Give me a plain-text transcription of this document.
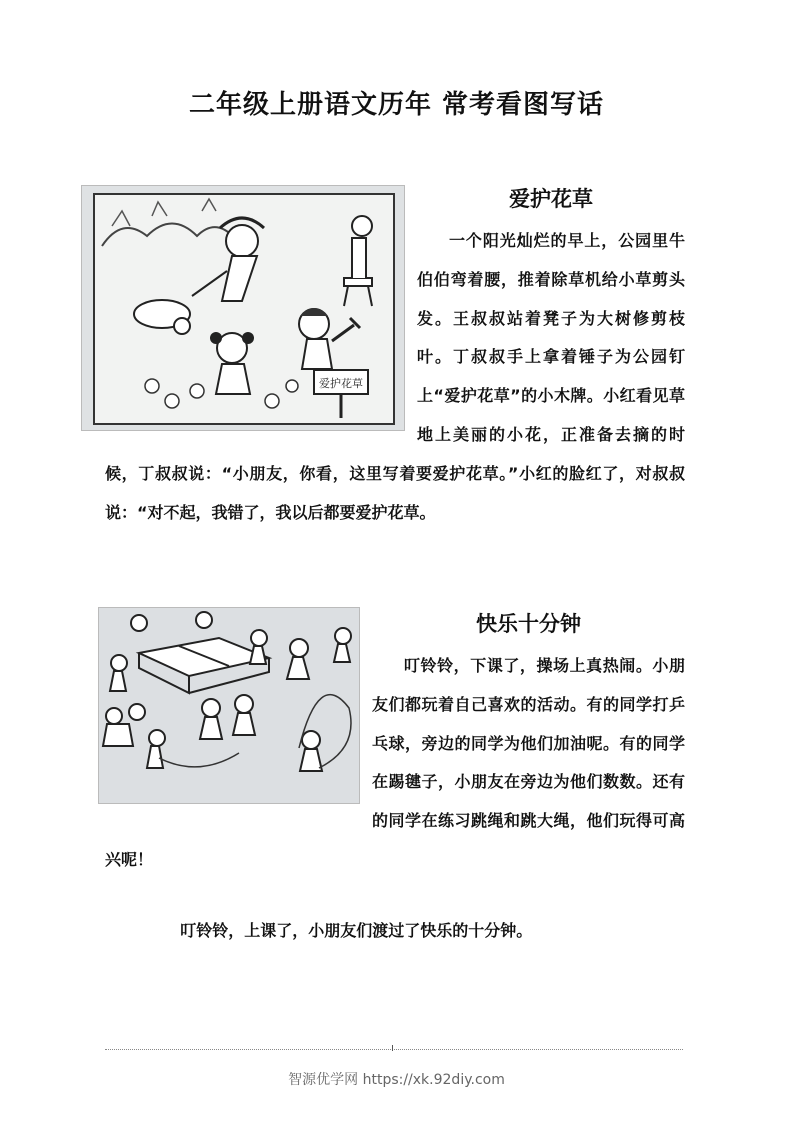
二年级上册语文历年 常考看图写话
爱护花草
爱护花草

一个阳光灿烂的早上，公园里牛伯伯弯着腰，推着除草机给小草剪头发。王叔叔站着凳子为大树修剪枝叶。丁叔叔手上拿着锤子为公园钉上“爱护花草”的小木牌。小红看见草地上美丽的小花，正准备去摘的时候，丁叔叔说：“小朋友，你看，这里写着要爱护花草。”小红的脸红了，对叔叔说：“对不起，我错了，我以后都要爱护花草。

快乐十分钟

叮铃铃，下课了，操场上真热闹。小朋友们都玩着自己喜欢的活动。有的同学打乒乓球，旁边的同学为他们加油呢。有的同学在踢毽子，小朋友在旁边为他们数数。还有的同学在练习跳绳和跳大绳，他们玩得可高兴呢！

叮铃铃，上课了，小朋友们渡过了快乐的十分钟。
智源优学网 https://xk.92diy.com
